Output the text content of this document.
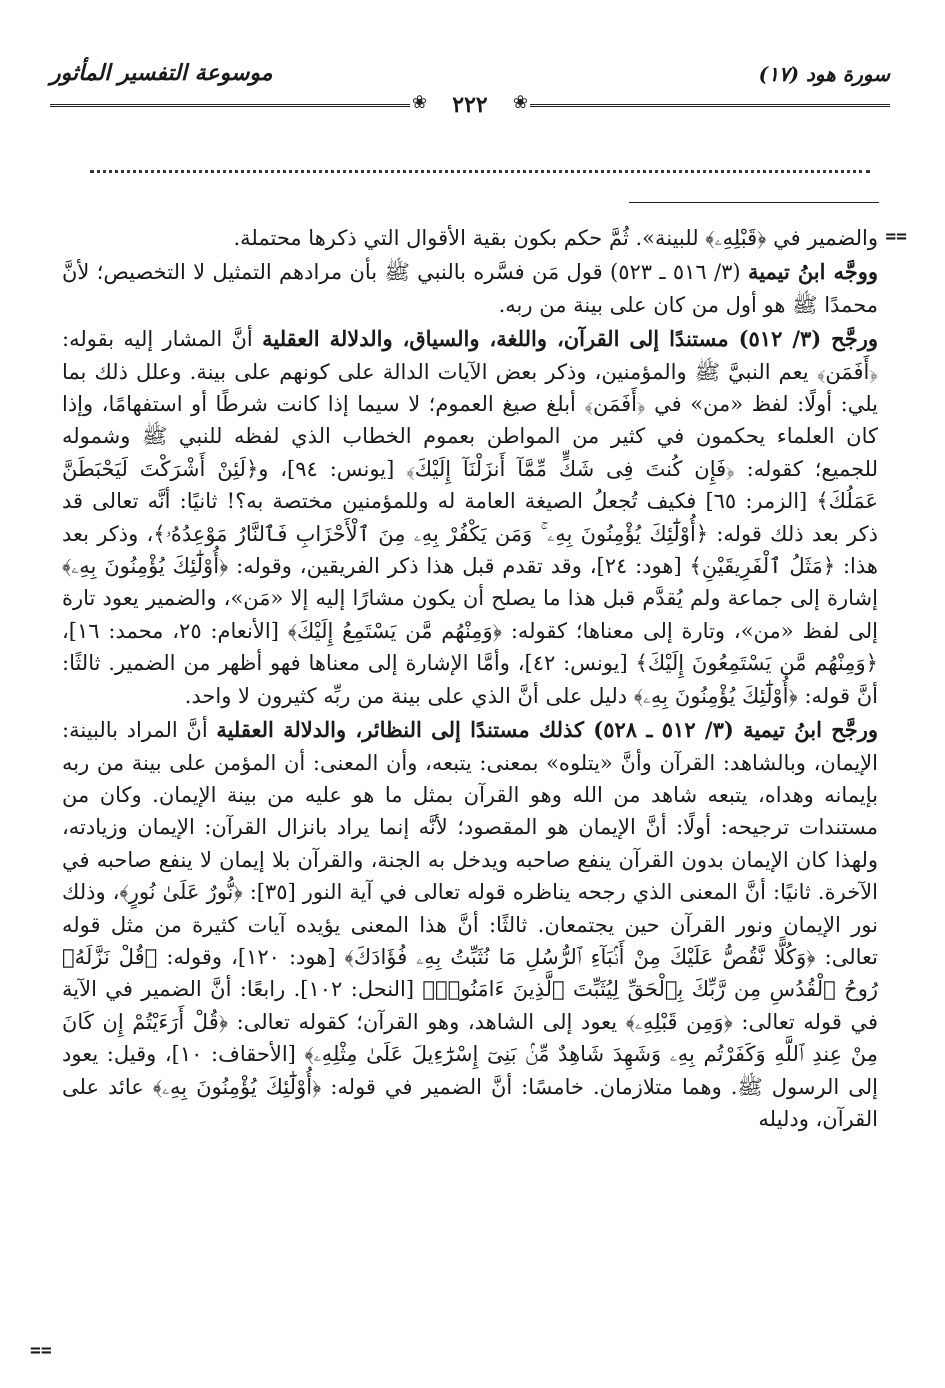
موسوعة التفسير المأثور	سورة هود (١٧)
❀	٢٢٢	❀
==

والضمير في ﴿قَبْلِهِۦ﴾ للبينة». ثُمَّ حكم بكون بقية الأقوال التي ذكرها محتملة.

ووجَّه ابنُ تيمية (٣/ ٥١٦ ـ ٥٢٣) قول مَن فسَّره بالنبي ﷺ بأن مرادهم التمثيل لا التخصيص؛ لأنَّ محمدًا ﷺ هو أول من كان على بينة من ربه.

ورجَّح (٣/ ٥١٢) مستندًا إلى القرآن، واللغة، والسياق، والدلالة العقلية أنَّ المشار إليه بقوله: ﴿أَفَمَن﴾ يعم النبيَّ ﷺ والمؤمنين، وذكر بعض الآيات الدالة على كونهم على بينة. وعلل ذلك بما يلي: أولًا: لفظ «من» في ﴿أَفَمَن﴾ أبلغ صيغ العموم؛ لا سيما إذا كانت شرطًا أو استفهامًا، وإذا كان العلماء يحكمون في كثير من المواطن بعموم الخطاب الذي لفظه للنبي ﷺ وشموله للجميع؛ كقوله: ﴿فَإِن كُنتَ فِى شَكٍّ مِّمَّآ أَنزَلْنَآ إِلَيْكَ﴾ [يونس: ٩٤]، و﴿لَئِنْ أَشْرَكْتَ لَيَحْبَطَنَّ عَمَلُكَ﴾ [الزمر: ٦٥] فكيف تُجعلُ الصيغة العامة له وللمؤمنين مختصة به؟! ثانيًا: أنَّه تعالى قد ذكر بعد ذلك قوله: ﴿أُوْلَٰٓئِكَ يُؤْمِنُونَ بِهِۦ ۚ وَمَن يَكْفُرْ بِهِۦ مِنَ ٱلْأَحْزَابِ فَٱلنَّارُ مَوْعِدُهُۥ﴾، وذكر بعد هذا: ﴿مَثَلُ ٱلْفَرِيقَيْنِ﴾ [هود: ٢٤]، وقد تقدم قبل هذا ذكر الفريقين، وقوله: ﴿أُوْلَٰٓئِكَ يُؤْمِنُونَ بِهِۦ﴾ إشارة إلى جماعة ولم يُقدَّم قبل هذا ما يصلح أن يكون مشارًا إليه إلا «مَن»، والضمير يعود تارة إلى لفظ «من»، وتارة إلى معناها؛ كقوله: ﴿وَمِنْهُم مَّن يَسْتَمِعُ إِلَيْكَ﴾ [الأنعام: ٢٥، محمد: ١٦]، ﴿وَمِنْهُم مَّن يَسْتَمِعُونَ إِلَيْكَ﴾ [يونس: ٤٢]، وأمَّا الإشارة إلى معناها فهو أظهر من الضمير. ثالثًا: أنَّ قوله: ﴿أُوْلَٰٓئِكَ يُؤْمِنُونَ بِهِۦ﴾ دليل على أنَّ الذي على بينة من ربِّه كثيرون لا واحد.

ورجَّح ابنُ تيمية (٣/ ٥١٢ ـ ٥٢٨) كذلك مستندًا إلى النظائر، والدلالة العقلية أنَّ المراد بالبينة: الإيمان، وبالشاهد: القرآن وأنَّ «يتلوه» بمعنى: يتبعه، وأن المعنى: أن المؤمن على بينة من ربه بإيمانه وهداه، يتبعه شاهد من الله وهو القرآن بمثل ما هو عليه من بينة الإيمان. وكان من مستندات ترجيحه: أولًا: أنَّ الإيمان هو المقصود؛ لأنَّه إنما يراد بانزال القرآن: الإيمان وزيادته، ولهذا كان الإيمان بدون القرآن ينفع صاحبه ويدخل به الجنة، والقرآن بلا إيمان لا ينفع صاحبه في الآخرة. ثانيًا: أنَّ المعنى الذي رجحه يناظره قوله تعالى في آية النور [٣٥]: ﴿نُّورٌ عَلَىٰ نُورٍ﴾، وذلك نور الإيمان ونور القرآن حين يجتمعان. ثالثًا: أنَّ هذا المعنى يؤيده آيات كثيرة من مثل قوله تعالى: ﴿وَكُلًّا نَّقُصُّ عَلَيْكَ مِنْ أَنۢبَآءِ ٱلرُّسُلِ مَا نُثَبِّتُ بِهِۦ فُؤَادَكَ﴾ [هود: ١٢٠]، وقوله: ﴿قُلْ نَزَّلَهُۥ رُوحُ ٱلْقُدُسِ مِن رَّبِّكَ بِٱلْحَقِّ لِيُثَبِّتَ ٱلَّذِينَ ءَامَنُوا۟﴾ [النحل: ١٠٢]. رابعًا: أنَّ الضمير في الآية في قوله تعالى: ﴿وَمِن قَبْلِهِۦ﴾ يعود إلى الشاهد، وهو القرآن؛ كقوله تعالى: ﴿قُلْ أَرَءَيْتُمْ إِن كَانَ مِنْ عِندِ ٱللَّهِ وَكَفَرْتُم بِهِۦ وَشَهِدَ شَاهِدٌ مِّنۢ بَنِىٓ إِسْرَٰٓءِيلَ عَلَىٰ مِثْلِهِۦ﴾ [الأحقاف: ١٠]، وقيل: يعود إلى الرسول ﷺ. وهما متلازمان. خامسًا: أنَّ الضمير في قوله: ﴿أُوْلَٰٓئِكَ يُؤْمِنُونَ بِهِۦ﴾ عائد على القرآن، ودليله

==
